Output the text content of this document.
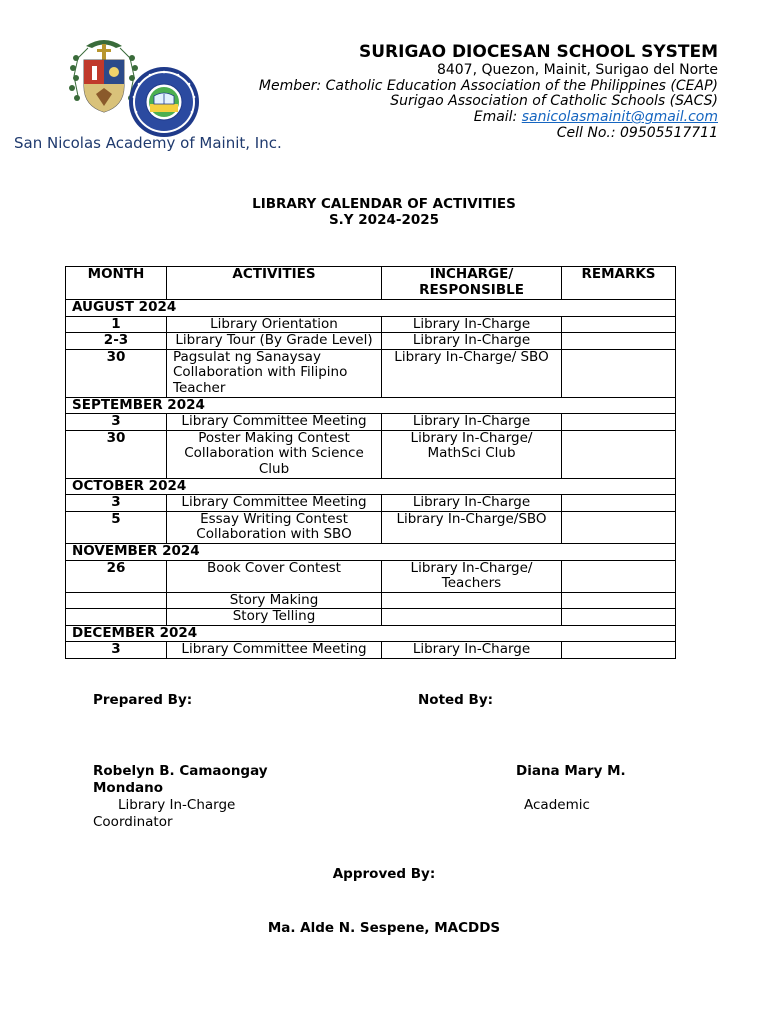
San Nicolas Academy of Mainit, Inc.
SURIGAO DIOCESAN SCHOOL SYSTEM
8407, Quezon, Mainit, Surigao del Norte
Member: Catholic Education Association of the Philippines (CEAP)
Surigao Association of Catholic Schools (SACS)
Email: sanicolasmainit@gmail.com
Cell No.: 09505517711
LIBRARY CALENDAR OF ACTIVITIES
S.Y 2024-2025
MONTH	ACTIVITIES	INCHARGE/ RESPONSIBLE	REMARKS
AUGUST 2024			
1	Library Orientation	Library In-Charge	
2-3	Library Tour (By Grade Level)	Library In-Charge	
30	Pagsulat ng Sanaysay Collaboration with Filipino Teacher	Library In-Charge/ SBO	
SEPTEMBER 2024			
3	Library Committee Meeting	Library In-Charge	
30	Poster Making Contest Collaboration with Science Club	Library In-Charge/ MathSci Club	
OCTOBER 2024			
3	Library Committee Meeting	Library In-Charge	
5	Essay Writing Contest Collaboration with SBO	Library In-Charge/SBO	
NOVEMBER 2024			
26	Book Cover Contest	Library In-Charge/ Teachers	
	Story Making		
	Story Telling		
DECEMBER 2024			
3	Library Committee Meeting	Library In-Charge	
Prepared By:	Noted By:
Robelyn B. Camaongay	Diana Mary M.
Mondano
Library In-Charge	Academic
Coordinator
Approved By:
Ma. Alde N. Sespene, MACDDS
